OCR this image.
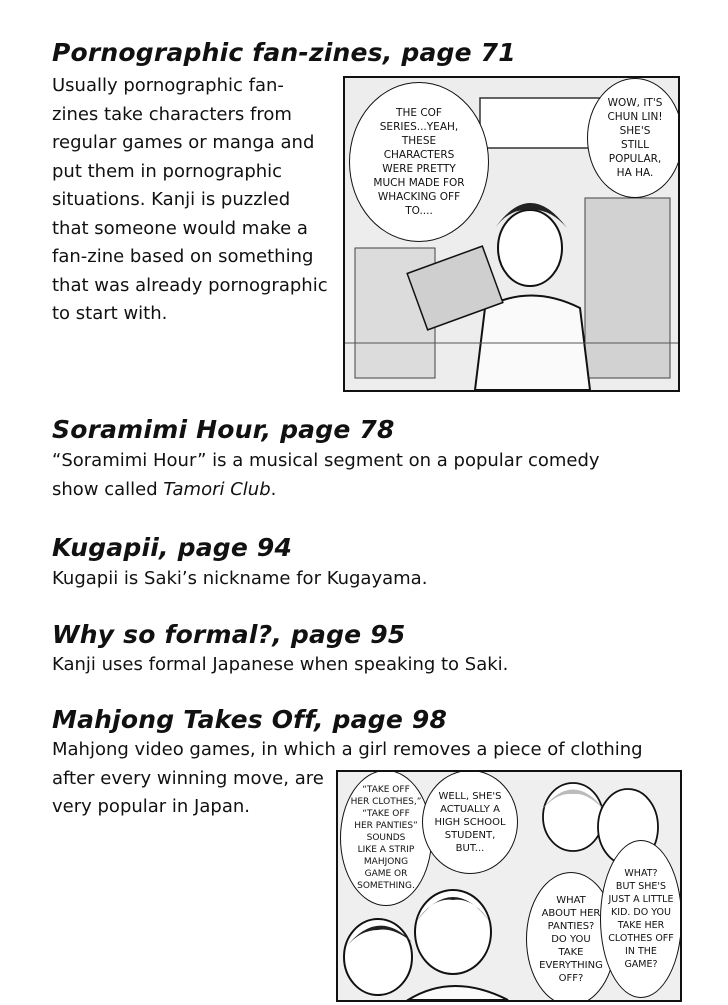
Pornographic fan-zines, page 71
Usually pornographic fan-
zines take characters from
regular games or manga and
put them in pornographic
situations. Kanji is puzzled
that someone would make a
fan-zine based on something
that was already pornographic
to start with.
THE COF
SERIES...YEAH,
THESE
CHARACTERS
WERE PRETTY
MUCH MADE FOR
WHACKING OFF
TO....
WOW, IT'S
CHUN LIN!
SHE'S
STILL
POPULAR,
HA HA.
Soramimi Hour, page 78
“Soramimi Hour” is a musical segment on a popular comedy
show called Tamori Club.
Kugapii, page 94
Kugapii is Saki’s nickname for Kugayama.
Why so formal?, page 95
Kanji uses formal Japanese when speaking to Saki.
Mahjong Takes Off, page 98
Mahjong video games, in which a girl removes a piece of clothing
after every winning move, are
very popular in Japan.
“TAKE OFF
HER CLOTHES,”
“TAKE OFF
HER PANTIES”
SOUNDS
LIKE A STRIP
MAHJONG
GAME OR
SOMETHING.
WELL, SHE'S
ACTUALLY A
HIGH SCHOOL
STUDENT,
BUT...
WHAT
ABOUT HER
PANTIES?
DO YOU
TAKE
EVERYTHING
OFF?
WHAT?
BUT SHE'S
JUST A LITTLE
KID. DO YOU
TAKE HER
CLOTHES OFF
IN THE
GAME?
